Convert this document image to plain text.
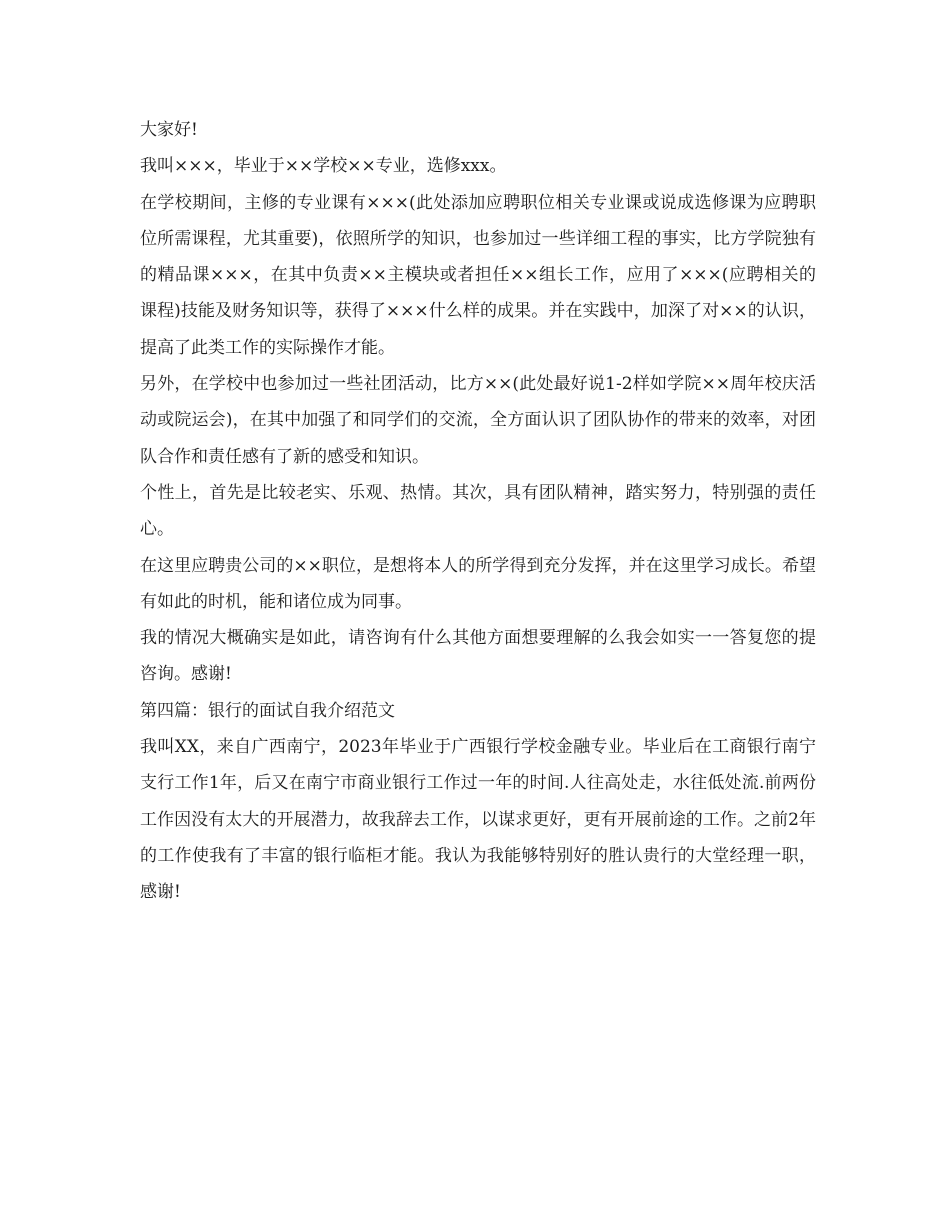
大家好!

我叫×××，毕业于××学校××专业，选修xxx。

在学校期间，主修的专业课有×××(此处添加应聘职位相关专业课或说成选修课为应聘职位所需课程，尤其重要)，依照所学的知识，也参加过一些详细工程的事实，比方学院独有的精品课×××，在其中负责××主模块或者担任××组长工作，应用了×××(应聘相关的课程)技能及财务知识等，获得了×××什么样的成果。并在实践中，加深了对××的认识，提高了此类工作的实际操作才能。

另外，在学校中也参加过一些社团活动，比方××(此处最好说1-2样如学院××周年校庆活动或院运会)，在其中加强了和同学们的交流，全方面认识了团队协作的带来的效率，对团队合作和责任感有了新的感受和知识。

个性上，首先是比较老实、乐观、热情。其次，具有团队精神，踏实努力，特别强的责任心。

在这里应聘贵公司的××职位，是想将本人的所学得到充分发挥，并在这里学习成长。希望有如此的时机，能和诸位成为同事。

我的情况大概确实是如此，请咨询有什么其他方面想要理解的么我会如实一一答复您的提咨询。感谢!

第四篇：银行的面试自我介绍范文

我叫XX，来自广西南宁，2023年毕业于广西银行学校金融专业。毕业后在工商银行南宁支行工作1年，后又在南宁市商业银行工作过一年的时间.人往高处走，水往低处流.前两份工作因没有太大的开展潜力，故我辞去工作，以谋求更好，更有开展前途的工作。之前2年的工作使我有了丰富的银行临柜才能。我认为我能够特别好的胜认贵行的大堂经理一职，感谢!
